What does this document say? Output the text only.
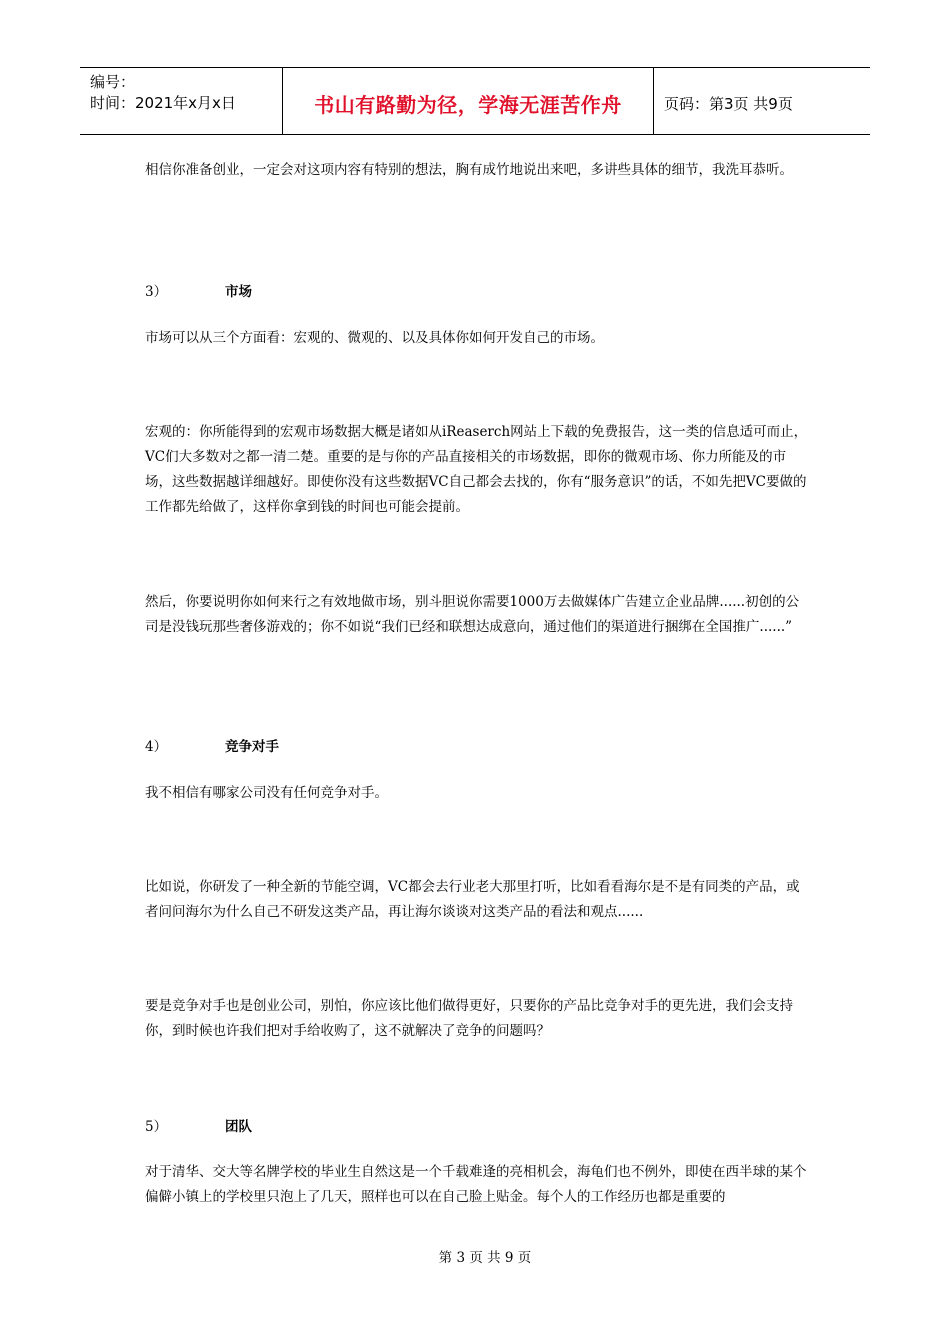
编号：
时间：2021年x月x日	书山有路勤为径，学海无涯苦作舟	页码：第3页 共9页

相信你准备创业，一定会对这项内容有特别的想法，胸有成竹地说出来吧，多讲些具体的细节，我洗耳恭听。

3）	市场

市场可以从三个方面看：宏观的、微观的、以及具体你如何开发自己的市场。

宏观的：你所能得到的宏观市场数据大概是诸如从iReaserch网站上下载的免费报告，这一类的信息适可而止，VC们大多数对之都一清二楚。重要的是与你的产品直接相关的市场数据，即你的微观市场、你力所能及的市场，这些数据越详细越好。即使你没有这些数据VC自己都会去找的，你有“服务意识”的话，不如先把VC要做的工作都先给做了，这样你拿到钱的时间也可能会提前。

然后，你要说明你如何来行之有效地做市场，别斗胆说你需要1000万去做媒体广告建立企业品牌......初创的公司是没钱玩那些奢侈游戏的；你不如说“我们已经和联想达成意向，通过他们的渠道进行捆绑在全国推广......”

4）	竞争对手

我不相信有哪家公司没有任何竞争对手。

比如说，你研发了一种全新的节能空调，VC都会去行业老大那里打听，比如看看海尔是不是有同类的产品，或者问问海尔为什么自己不研发这类产品，再让海尔谈谈对这类产品的看法和观点......

要是竞争对手也是创业公司，别怕，你应该比他们做得更好，只要你的产品比竞争对手的更先进，我们会支持你，到时候也许我们把对手给收购了，这不就解决了竞争的问题吗？

5）	团队

对于清华、交大等名牌学校的毕业生自然这是一个千载难逢的亮相机会，海龟们也不例外，即使在西半球的某个偏僻小镇上的学校里只泡上了几天，照样也可以在自己脸上贴金。每个人的工作经历也都是重要的

第 3 页 共 9 页
